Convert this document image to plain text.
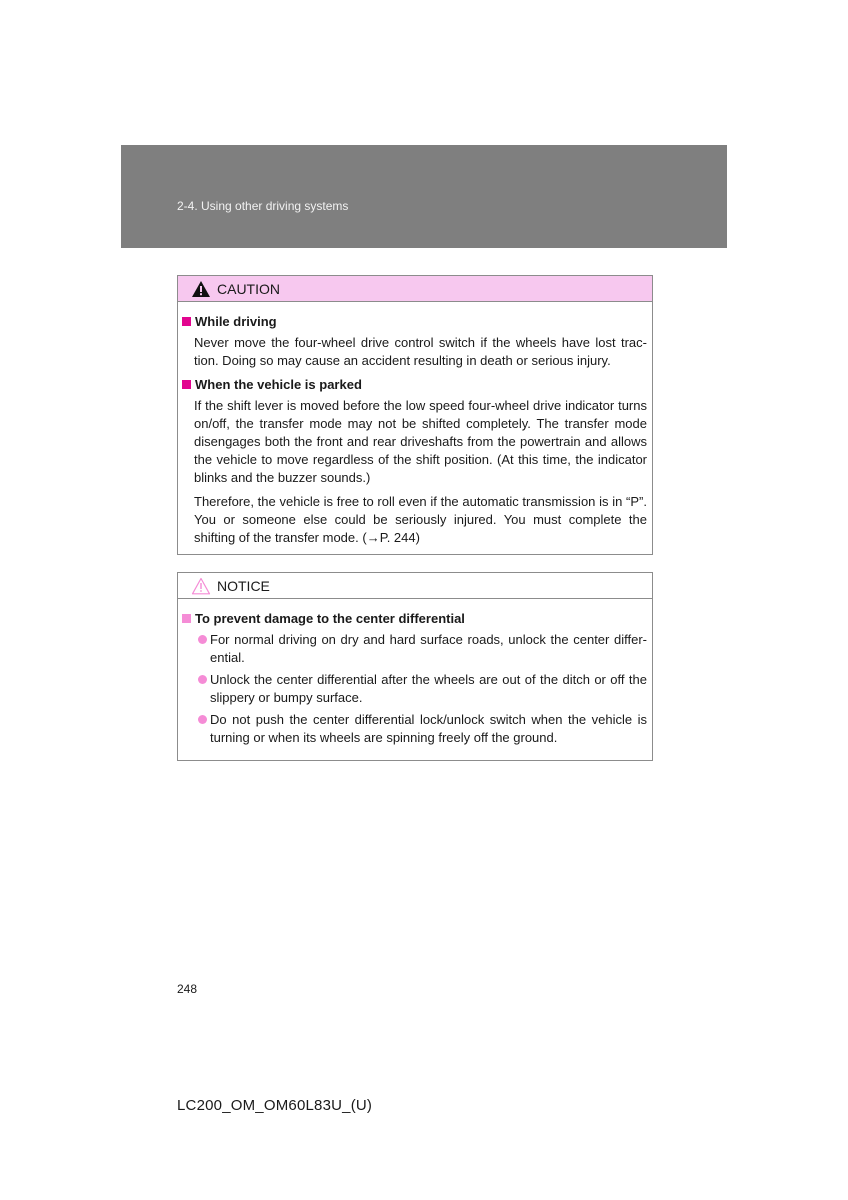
2-4. Using other driving systems
CAUTION
While driving

Never move the four-wheel drive control switch if the wheels have lost trac-tion. Doing so may cause an accident resulting in death or serious injury.

When the vehicle is parked

If the shift lever is moved before the low speed four-wheel drive indicator turns on/off, the transfer mode may not be shifted completely. The transfer mode disengages both the front and rear driveshafts from the powertrain and allows the vehicle to move regardless of the shift position. (At this time, the indicator blinks and the buzzer sounds.)

Therefore, the vehicle is free to roll even if the automatic transmission is in “P”. You or someone else could be seriously injured. You must complete the shifting of the transfer mode. (→P. 244)

NOTICE
To prevent damage to the center differential
For normal driving on dry and hard surface roads, unlock the center differ-ential.
Unlock the center differential after the wheels are out of the ditch or off the slippery or bumpy surface.
Do not push the center differential lock/unlock switch when the vehicle is turning or when its wheels are spinning freely off the ground.
248
LC200_OM_OM60L83U_(U)
